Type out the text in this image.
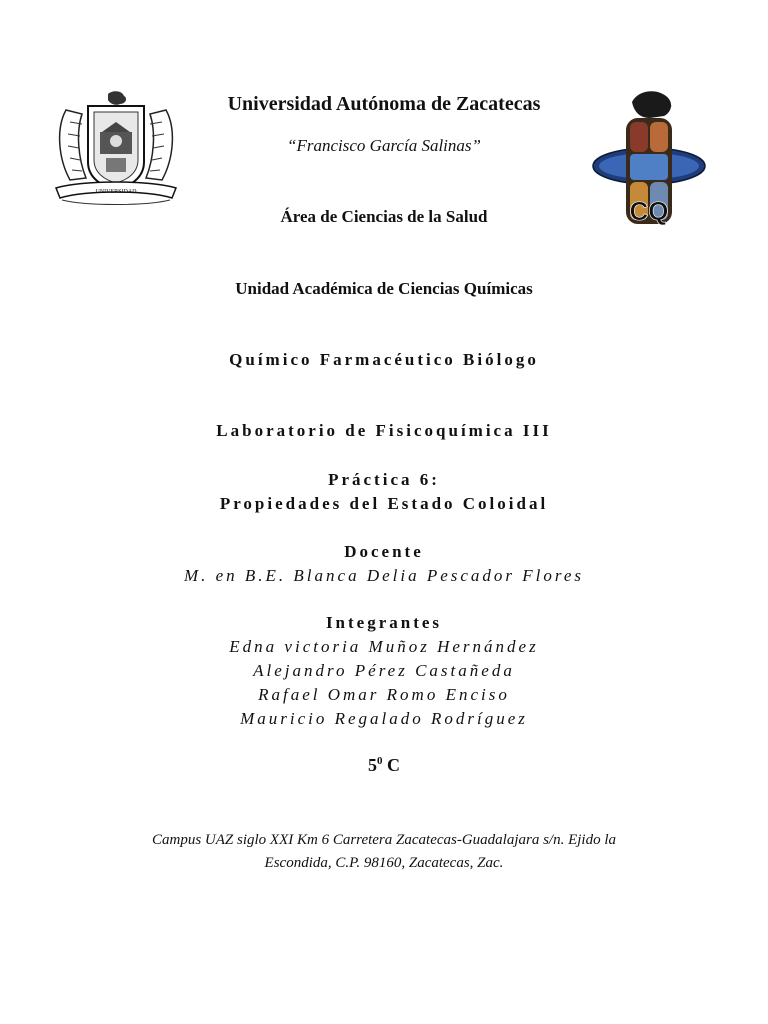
UNIVERSIDAD
CQ
Universidad Autónoma de Zacatecas
“Francisco García Salinas”
Área de Ciencias de la Salud
Unidad Académica de Ciencias Químicas
Químico Farmacéutico Biólogo
Laboratorio de Fisicoquímica III
Práctica 6:
Propiedades del Estado Coloidal
Docente
M. en B.E. Blanca Delia Pescador Flores
Integrantes
Edna victoria Muñoz Hernández
Alejandro Pérez Castañeda
Rafael Omar Romo Enciso
Mauricio Regalado Rodríguez
$5^0$ C
Campus UAZ siglo XXI Km 6 Carretera Zacatecas-Guadalajara s/n. Ejido la
Escondida, C.P. 98160, Zacatecas, Zac.
